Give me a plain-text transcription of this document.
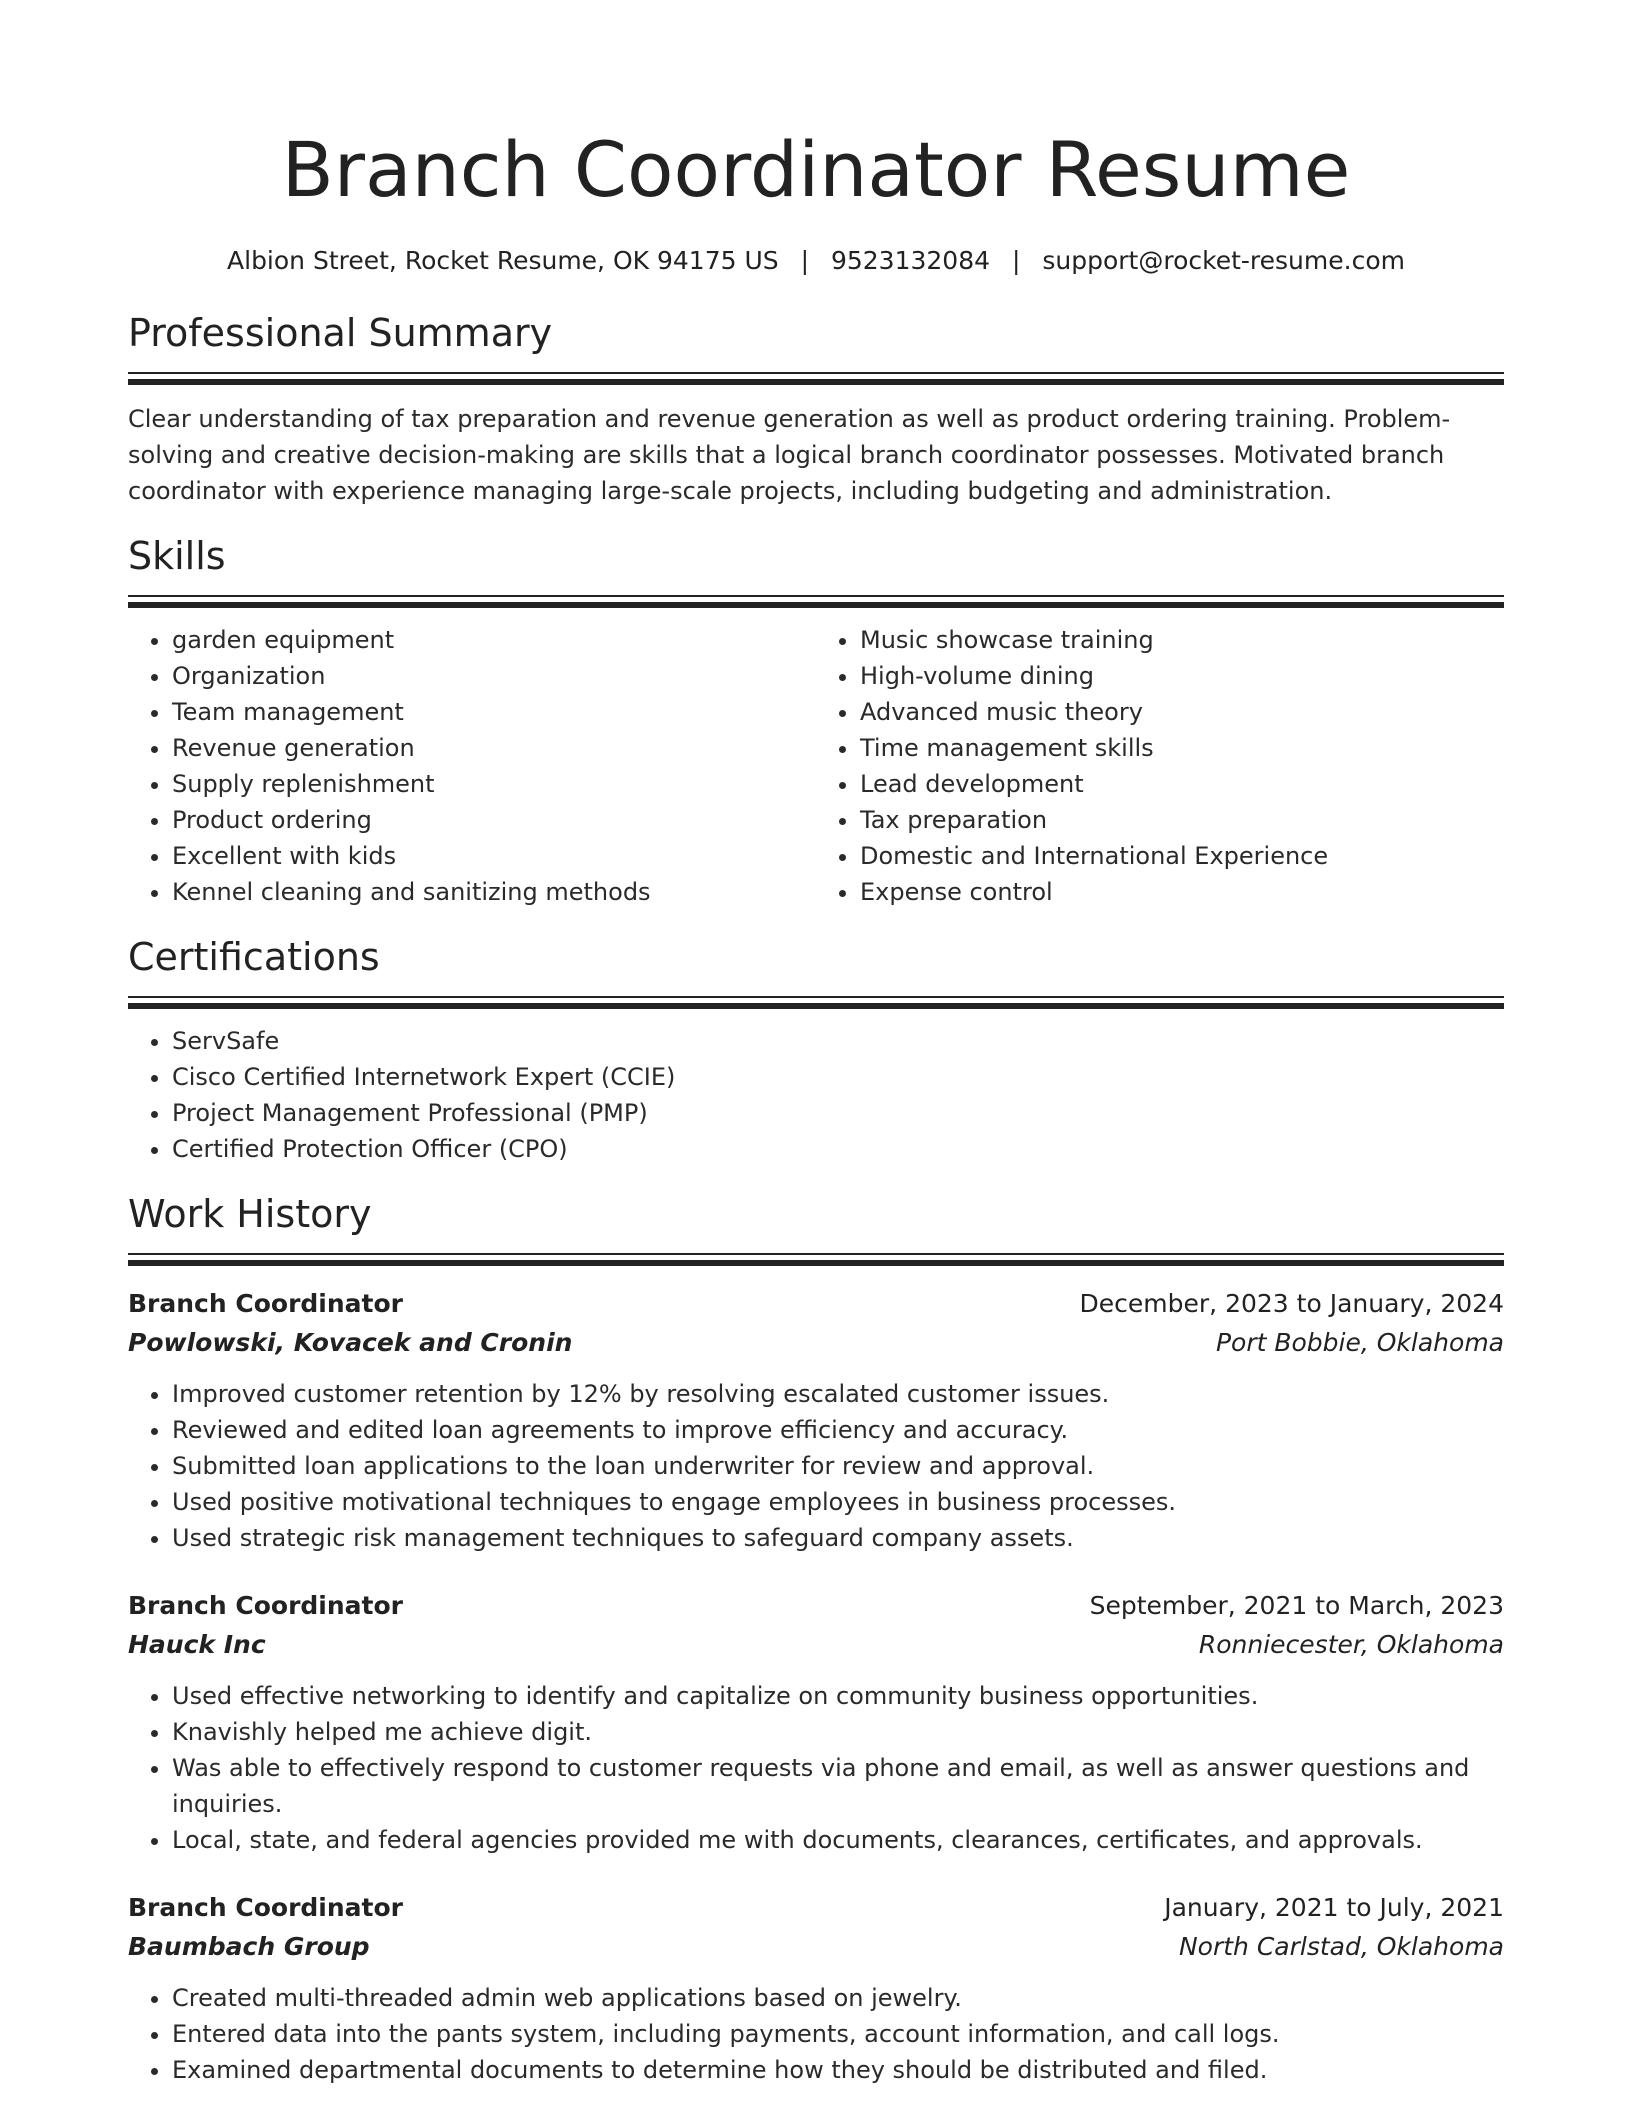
Branch Coordinator Resume
Albion Street, Rocket Resume, OK 94175 US | 9523132084 | support@rocket-resume.com
Professional Summary

Clear understanding of tax preparation and revenue generation as well as product ordering training. Problem-solving and creative decision-making are skills that a logical branch coordinator possesses. Motivated branch coordinator with experience managing large-scale projects, including budgeting and administration.

Skills
• garden equipment
• Organization
• Team management
• Revenue generation
• Supply replenishment
• Product ordering
• Excellent with kids
• Kennel cleaning and sanitizing methods
• Music showcase training
• High-volume dining
• Advanced music theory
• Time management skills
• Lead development
• Tax preparation
• Domestic and International Experience
• Expense control
Certifications
• ServSafe
• Cisco Certified Internetwork Expert (CCIE)
• Project Management Professional (PMP)
• Certified Protection Officer (CPO)
Work History
Branch Coordinator	December, 2023 to January, 2024
Powlowski, Kovacek and Cronin	Port Bobbie, Oklahoma
• Improved customer retention by 12% by resolving escalated customer issues.
• Reviewed and edited loan agreements to improve efficiency and accuracy.
• Submitted loan applications to the loan underwriter for review and approval.
• Used positive motivational techniques to engage employees in business processes.
• Used strategic risk management techniques to safeguard company assets.
Branch Coordinator	September, 2021 to March, 2023
Hauck Inc	Ronniecester, Oklahoma
• Used effective networking to identify and capitalize on community business opportunities.
• Knavishly helped me achieve digit.
• Was able to effectively respond to customer requests via phone and email, as well as answer questions and inquiries.
• Local, state, and federal agencies provided me with documents, clearances, certificates, and approvals.
Branch Coordinator	January, 2021 to July, 2021
Baumbach Group	North Carlstad, Oklahoma
• Created multi-threaded admin web applications based on jewelry.
• Entered data into the pants system, including payments, account information, and call logs.
• Examined departmental documents to determine how they should be distributed and filed.
